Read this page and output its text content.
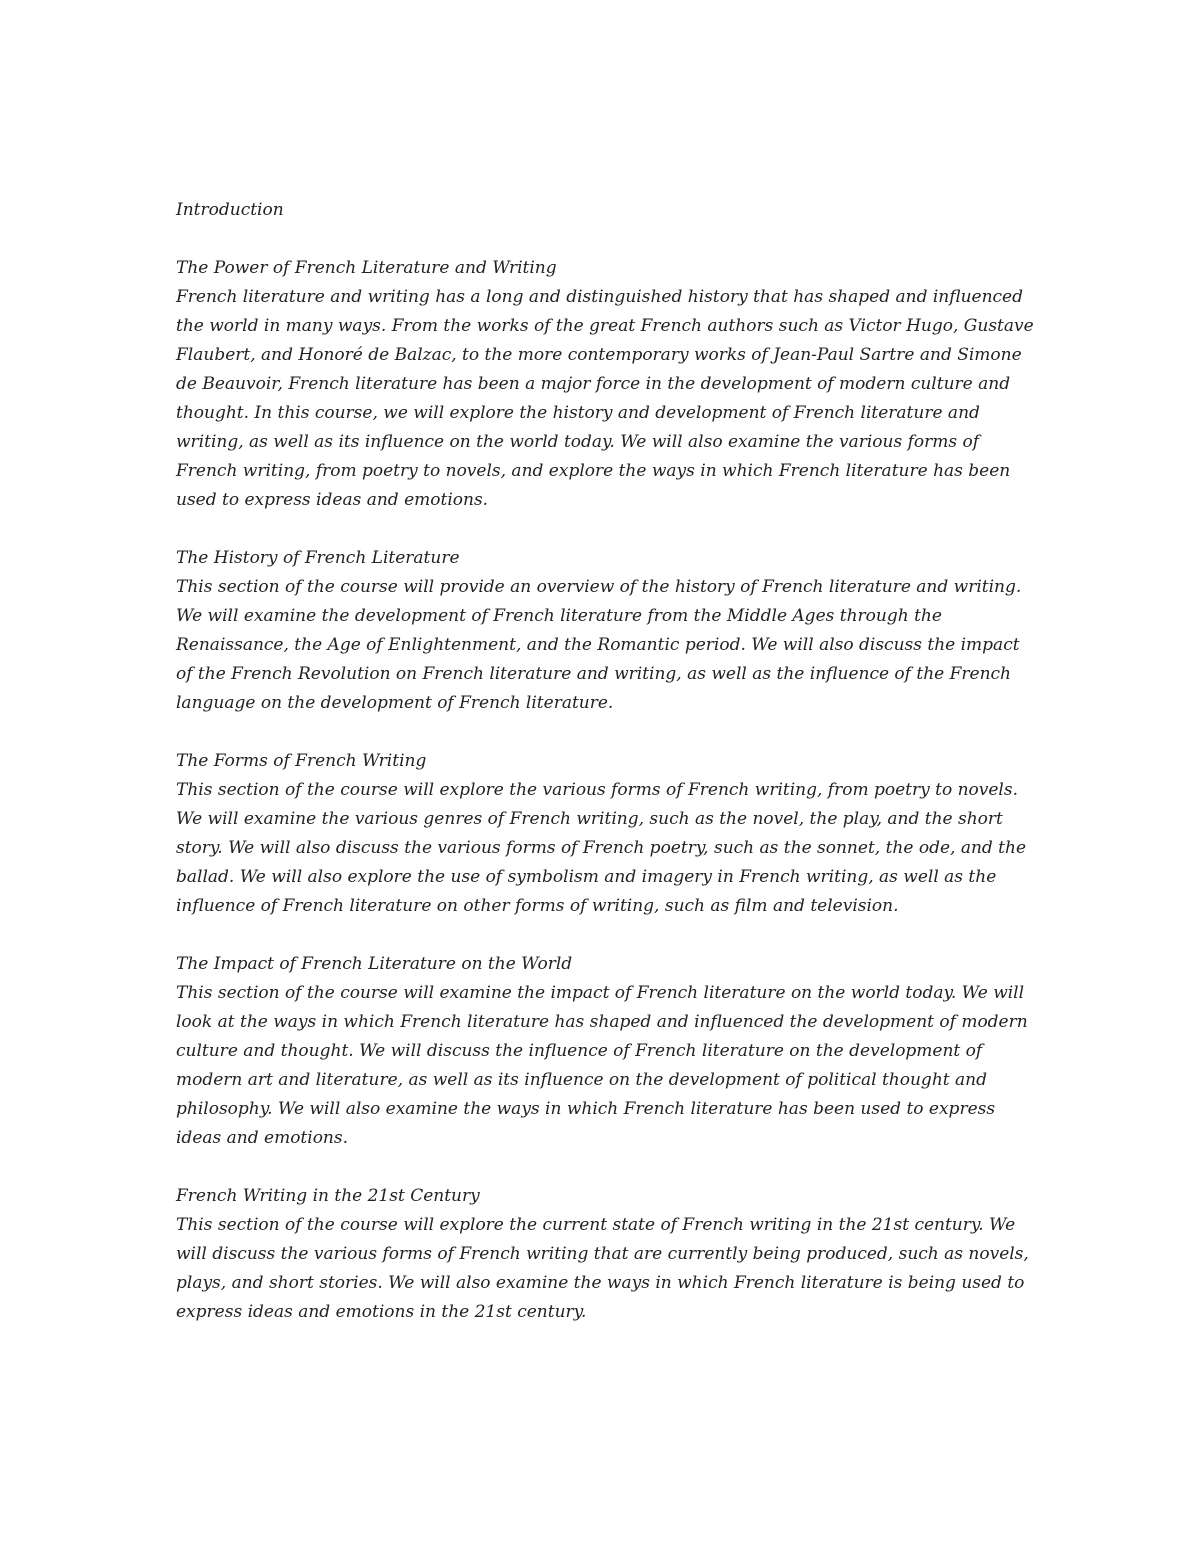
Introduction

The Power of French Literature and Writing

French literature and writing has a long and distinguished history that has shaped and influenced the world in many ways. From the works of the great French authors such as Victor Hugo, Gustave Flaubert, and Honoré de Balzac, to the more contemporary works of Jean-Paul Sartre and Simone de Beauvoir, French literature has been a major force in the development of modern culture and thought. In this course, we will explore the history and development of French literature and writing, as well as its influence on the world today. We will also examine the various forms of French writing, from poetry to novels, and explore the ways in which French literature has been used to express ideas and emotions.

The History of French Literature

This section of the course will provide an overview of the history of French literature and writing. We will examine the development of French literature from the Middle Ages through the Renaissance, the Age of Enlightenment, and the Romantic period. We will also discuss the impact of the French Revolution on French literature and writing, as well as the influence of the French language on the development of French literature.

The Forms of French Writing

This section of the course will explore the various forms of French writing, from poetry to novels. We will examine the various genres of French writing, such as the novel, the play, and the short story. We will also discuss the various forms of French poetry, such as the sonnet, the ode, and the ballad. We will also explore the use of symbolism and imagery in French writing, as well as the influence of French literature on other forms of writing, such as film and television.

The Impact of French Literature on the World

This section of the course will examine the impact of French literature on the world today. We will look at the ways in which French literature has shaped and influenced the development of modern culture and thought. We will discuss the influence of French literature on the development of modern art and literature, as well as its influence on the development of political thought and philosophy. We will also examine the ways in which French literature has been used to express ideas and emotions.

French Writing in the 21st Century

This section of the course will explore the current state of French writing in the 21st century. We will discuss the various forms of French writing that are currently being produced, such as novels, plays, and short stories. We will also examine the ways in which French literature is being used to express ideas and emotions in the 21st century.
